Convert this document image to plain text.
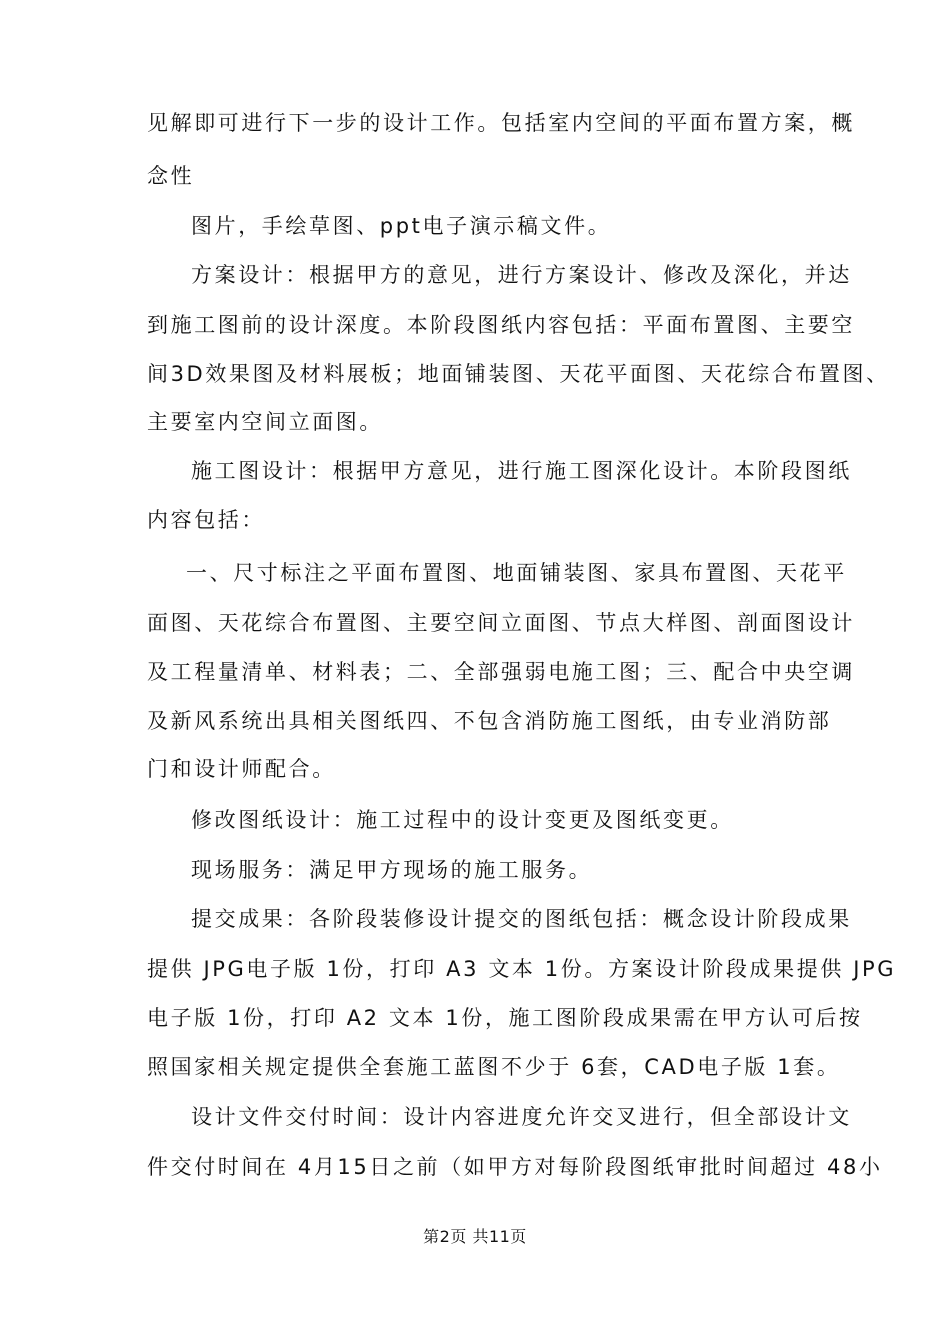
见解即可进行下一步的设计工作。包括室内空间的平面布置方案，概
念性
图片，手绘草图、ppt电子演示稿文件。
方案设计：根据甲方的意见，进行方案设计、修改及深化，并达
到施工图前的设计深度。本阶段图纸内容包括：平面布置图、主要空
间3D效果图及材料展板；地面铺装图、天花平面图、天花综合布置图、
主要室内空间立面图。
施工图设计：根据甲方意见，进行施工图深化设计。本阶段图纸
内容包括：
一、尺寸标注之平面布置图、地面铺装图、家具布置图、天花平
面图、天花综合布置图、主要空间立面图、节点大样图、剖面图设计
及工程量清单、材料表；二、全部强弱电施工图；三、配合中央空调
及新风系统出具相关图纸四、不包含消防施工图纸，由专业消防部
门和设计师配合。
修改图纸设计：施工过程中的设计变更及图纸变更。
现场服务：满足甲方现场的施工服务。
提交成果：各阶段装修设计提交的图纸包括：概念设计阶段成果
提供 JPG电子版 1份，打印 A3 文本 1份。方案设计阶段成果提供 JPG
电子版 1份，打印 A2 文本 1份，施工图阶段成果需在甲方认可后按
照国家相关规定提供全套施工蓝图不少于 6套，CAD电子版 1套。
设计文件交付时间：设计内容进度允许交叉进行，但全部设计文
件交付时间在 4月15日之前（如甲方对每阶段图纸审批时间超过 48小
第2页 共11页
